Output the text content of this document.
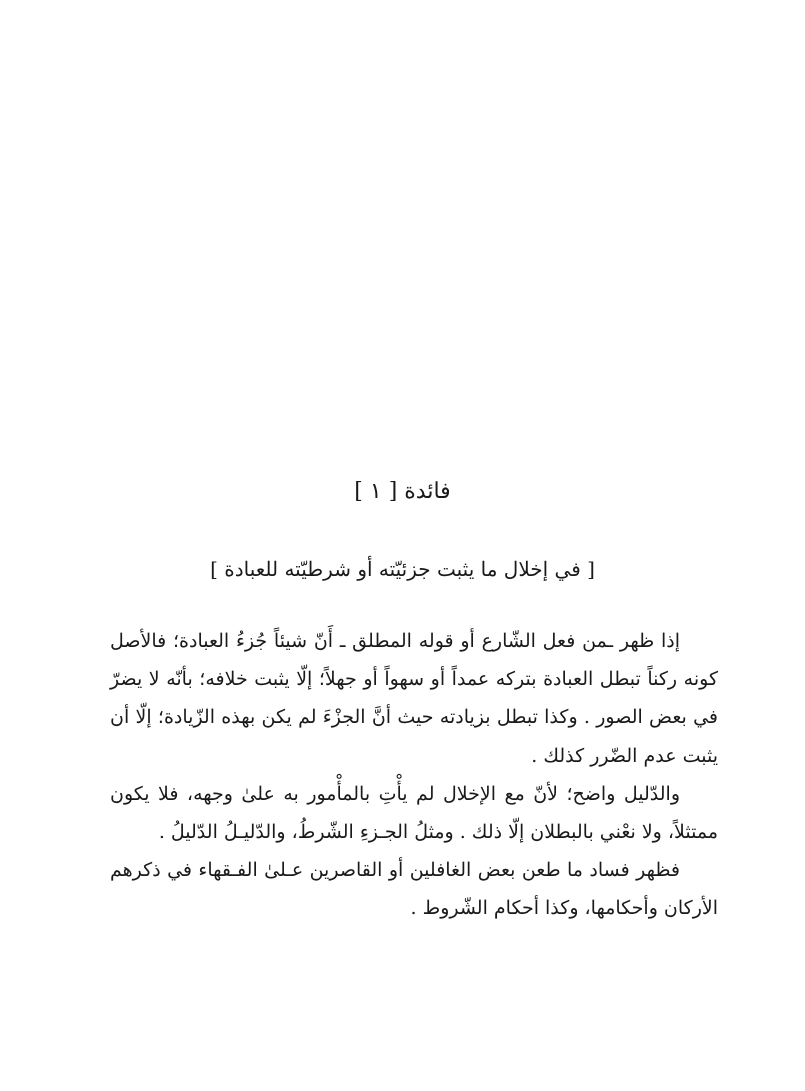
فائدة [ ١ ]
[ في إخلال ما يثبت جزئيّته أو شرطيّته للعبادة ]

إذا ظهر ـمن فعل الشّارع أو قوله المطلق ـ أَنّ شيئاً جُزءُ العبادة؛ فالأصل كونه ركناً تبطل العبادة بتركه عمداً أو سهواً أو جهلاً؛ إلّا يثبت خلافه؛ بأنّه لا يضرّ في بعض الصور . وكذا تبطل بزيادته حيث أنَّ الجزْءَ لم يكن بهذه الزّيادة؛ إلّا أن يثبت عدم الضّرر كذلك .

والدّليل واضح؛ لأنّ مع الإخلال لم يأْتِ بالمأْمور به علىٰ وجهه، فلا يكون ممتثلاً، ولا نعْني بالبطلان إلّا ذلك . ومثلُ الجـزءِ الشّرطُ، والدّليـلُ الدّليلُ .

فظهر فساد ما طعن بعض الغافلين أو القاصرين عـلىٰ الفـقهاء في ذكرهم الأركان وأحكامها، وكذا أحكام الشّروط .
